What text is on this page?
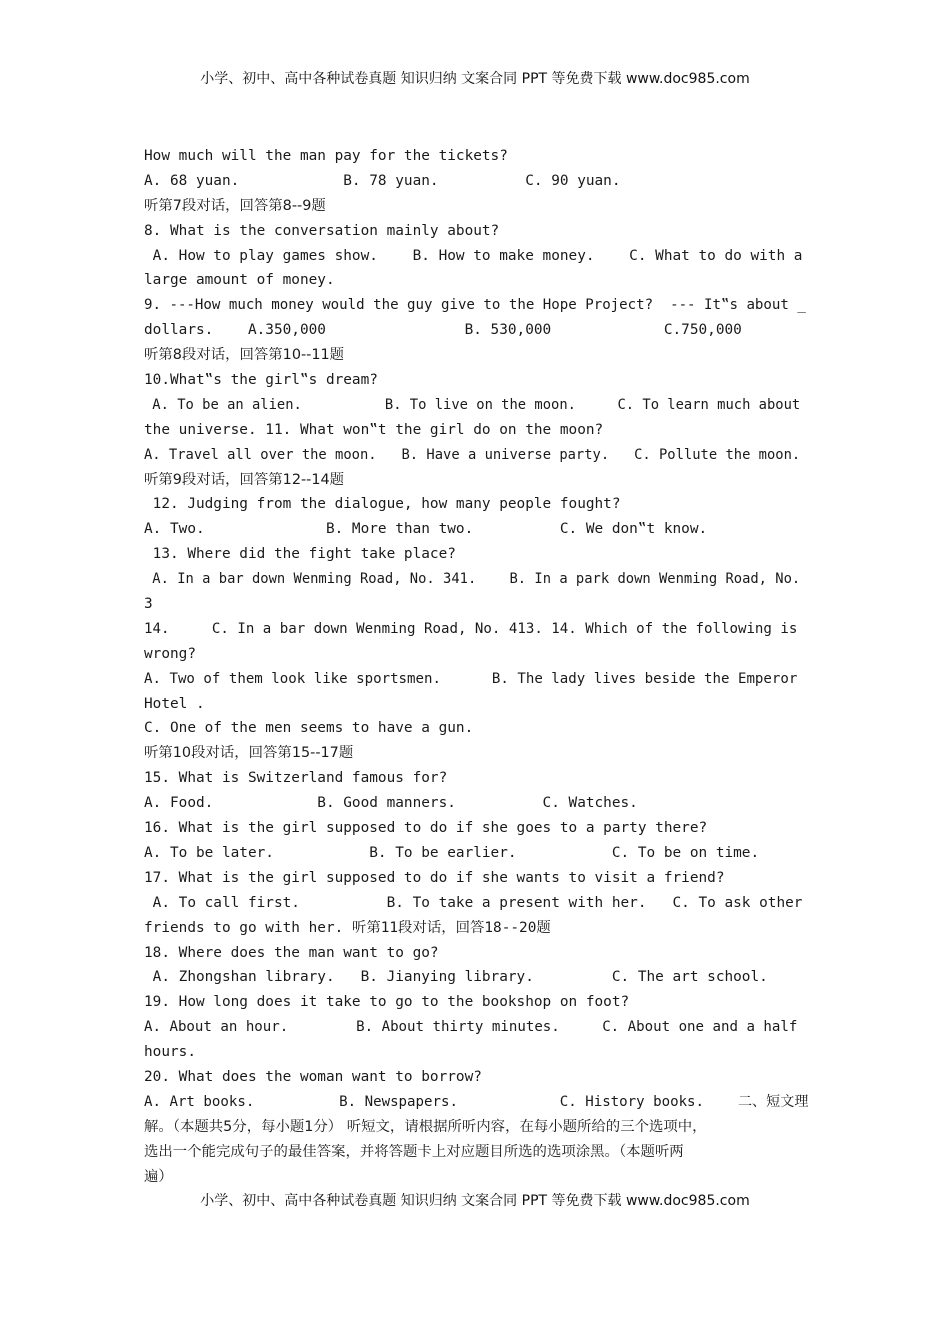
小学、初中、高中各种试卷真题 知识归纳 文案合同 PPT 等免费下载 www.doc985.com
How much will the man pay for the tickets?
A. 68 yuan.            B. 78 yuan.          C. 90 yuan.
听第7段对话，回答第8--9题
8. What is the conversation mainly about?
A. How to play games show.    B. How to make money.    C. What to do with a
large amount of money.
9. ---How much money would the guy give to the Hope Project?  --- It‟s about _
dollars.    A.350,000                B. 530,000             C.750,000
听第8段对话，回答第10--11题
10.What‟s the girl‟s dream?
A. To be an alien.          B. To live on the moon.     C. To learn much about
the universe. 11. What won‟t the girl do on the moon?
A. Travel all over the moon.   B. Have a universe party.   C. Pollute the moon.
听第9段对话，回答第12--14题
12. Judging from the dialogue, how many people fought?
A. Two.              B. More than two.          C. We don‟t know.
13. Where did the fight take place?
A. In a bar down Wenming Road, No. 341.    B. In a park down Wenming Road, No.
3
14.     C. In a bar down Wenming Road, No. 413. 14. Which of the following is
wrong?
A. Two of them look like sportsmen.      B. The lady lives beside the Emperor
Hotel .
C. One of the men seems to have a gun.
听第10段对话，回答第15--17题
15. What is Switzerland famous for?
A. Food.            B. Good manners.          C. Watches.
16. What is the girl supposed to do if she goes to a party there?
A. To be later.           B. To be earlier.           C. To be on time.
17. What is the girl supposed to do if she wants to visit a friend?
A. To call first.          B. To take a present with her.   C. To ask other
friends to go with her. 听第11段对话，回答18--20题
18. Where does the man want to go?
A. Zhongshan library.   B. Jianying library.         C. The art school.
19. How long does it take to go to the bookshop on foot?
A. About an hour.        B. About thirty minutes.     C. About one and a half
hours.
20. What does the woman want to borrow?
A. Art books.          B. Newspapers.            C. History books.    二、短文理
解。（本题共5分，每小题1分） 听短文，请根据所听内容，在每小题所给的三个选项中，
选出一个能完成句子的最佳答案，并将答题卡上对应题目所选的选项涂黑。（本题听两
遍）
小学、初中、高中各种试卷真题 知识归纳 文案合同 PPT 等免费下载 www.doc985.com
